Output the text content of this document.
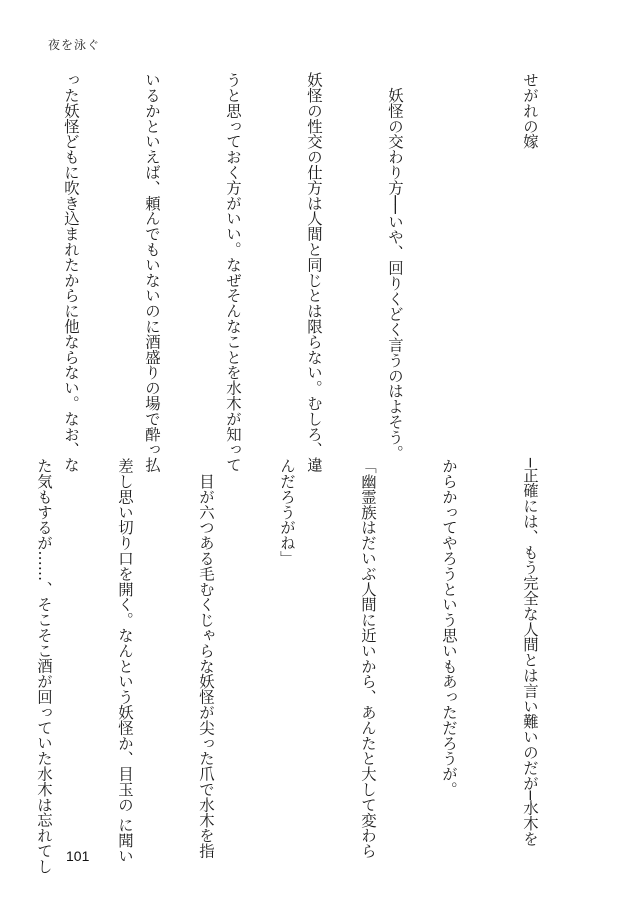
夜を泳ぐ

せがれの嫁

　妖怪の交わり方──いや、回りくどく言うのはよそう。

妖怪の性交の仕方は人間と同じとは限らない。むしろ、違

うと思っておく方がいい。なぜそんなことを水木が知って

いるかといえば、頼んでもいないのに酒盛りの場で酔っ払

った妖怪どもに吹き込まれたからに他ならない。なお、な

─正確には、もう完全な人間とは言い難いのだが─水木を

からかってやろうという思いもあっただろうが。

「幽霊族はだいぶ人間に近いから、あんたと大して変わら

んだろうがね」

　目が六つある毛むくじゃらな妖怪が尖った爪で水木を指

差し思い切り口を開く。なんという妖怪か、目玉の に聞い

た気もするが……、そこそこ酒が回っていた水木は忘れてし

101
